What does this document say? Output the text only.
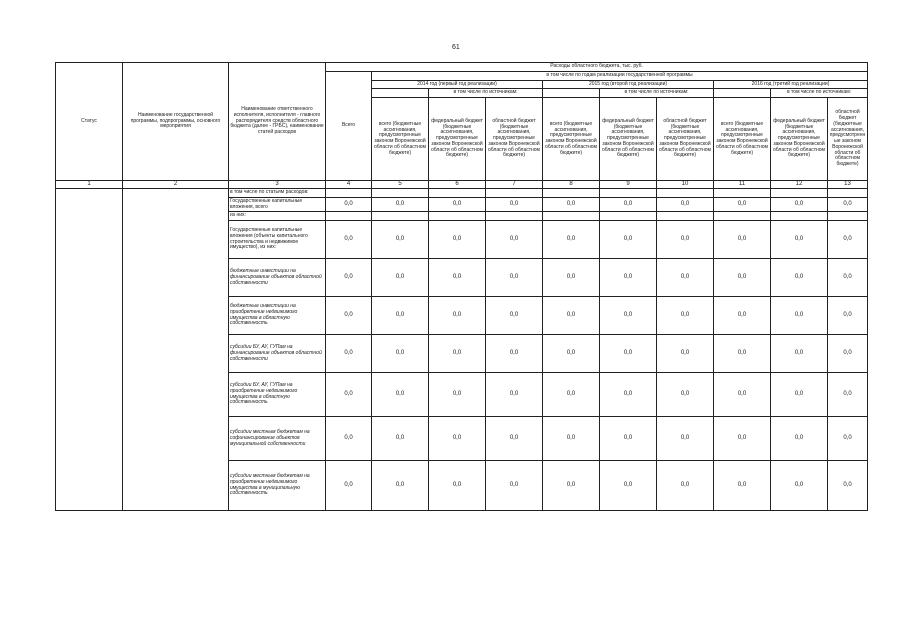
61
Статус	Наименование государственной программы, подпрограммы, основного мероприятия	Наименование ответственного исполнителя, исполнителя - главного распорядителя средств областного бюджета (далее - ГРБС), наименование статей расходов	Расходы областного бюджета, тыс. руб.									
			Всего	в том числе по годам реализации государственной программы								
				2014 год (первый год реализации)			2015 год (второй год реализации)			2016 год (третий год реализации)		
					в том числе по источникам:			в том числе по источникам:			в том числе по источникам:	
				всего (бюджетные ассигнования, предусмотренные законом Воронежской области об областном бюджете)	федеральный бюджет (бюджетные ассигнования, предусмотренные законом Воронежской области об областном бюджете)	областной бюджет (бюджетные ассигнования, предусмотренные законом Воронежской области об областном бюджете)	всего (бюджетные ассигнования, предусмотренные законом Воронежской области об областном бюджете)	федеральный бюджет (бюджетные ассигнования, предусмотренные законом Воронежской области об областном бюджете)	областной бюджет (бюджетные ассигнования, предусмотренные законом Воронежской области об областном бюджете)	всего (бюджетные ассигнования, предусмотренные законом Воронежской области об областном бюджете)	федеральный бюджет (бюджетные ассигнования, предусмотренные законом Воронежской области об областном бюджете)	областной бюджет (бюджетные ассигнования, предусмотренные законом Воронежской области об областном бюджете)
1	2	3	4	5	6	7	8	9	10	11	12	13
		в том числе по статьям расходов:										
		Государственные капитальные вложения, всего	0,0	0,0	0,0	0,0	0,0	0,0	0,0	0,0	0,0	0,0
		из них:										
		Государственные капитальные вложения (объекты капитального строительства и недвижимое имущество), из них:	0,0	0,0	0,0	0,0	0,0	0,0	0,0	0,0	0,0	0,0
		бюджетные инвестиции на финансирование объектов областной собственности	0,0	0,0	0,0	0,0	0,0	0,0	0,0	0,0	0,0	0,0
		бюджетные инвестиции на приобретение недвижимого имущества в областную собственность	0,0	0,0	0,0	0,0	0,0	0,0	0,0	0,0	0,0	0,0
		субсидии БУ, АУ, ГУПам на финансирование объектов областной собственности	0,0	0,0	0,0	0,0	0,0	0,0	0,0	0,0	0,0	0,0
		субсидии БУ, АУ, ГУПам на приобретение недвижимого имущества в областную собственность	0,0	0,0	0,0	0,0	0,0	0,0	0,0	0,0	0,0	0,0
		субсидии местным бюджетам на софинансирование объектов муниципальной собственности	0,0	0,0	0,0	0,0	0,0	0,0	0,0	0,0	0,0	0,0
		субсидии местным бюджетам на приобретение недвижимого имущества в муниципальную собственность	0,0	0,0	0,0	0,0	0,0	0,0	0,0	0,0	0,0	0,0
